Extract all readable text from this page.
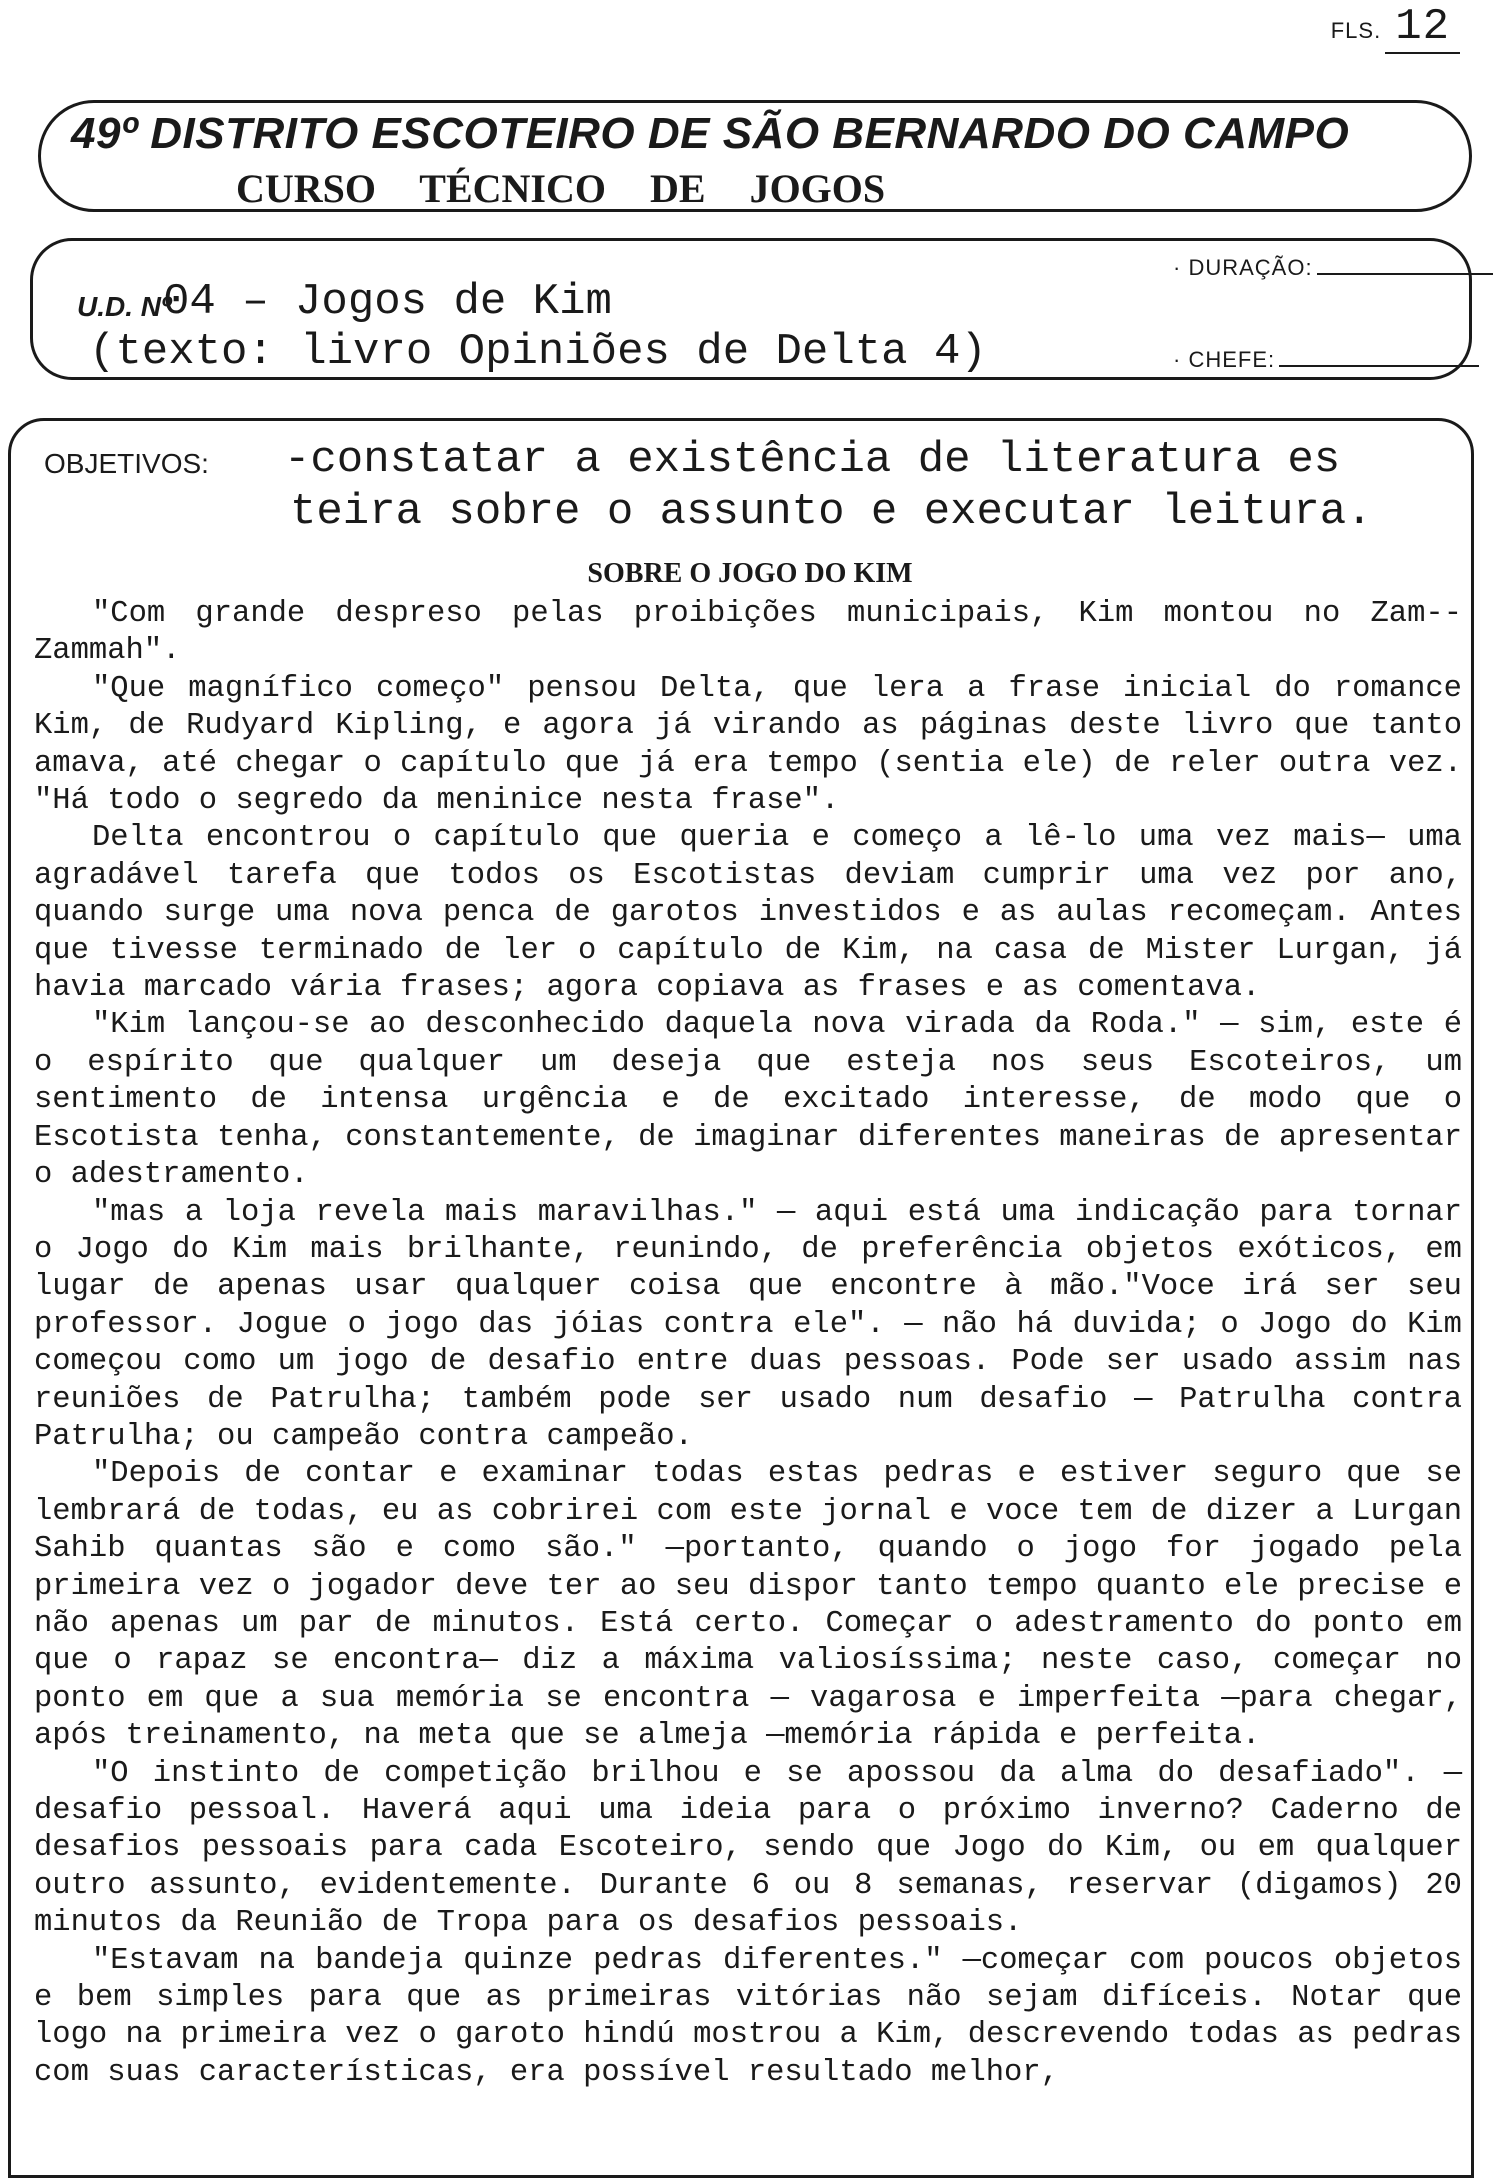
FLS. 12
49º DISTRITO ESCOTEIRO DE SÃO BERNARDO DO CAMPO
CURSO TÉCNICO DE JOGOS
U.D. Nº
04 – Jogos de Kim
(texto: livro Opiniões de Delta 4)
· DURAÇÃO:
· CHEFE:
OBJETIVOS: -constatar a existência de literatura es

teira sobre o assunto e executar leitura.

SOBRE O JOGO DO KIM

"Com grande despreso pelas proibições municipais, Kim montou no Zam--Zammah".

"Que magnífico começo" pensou Delta, que lera a frase inicial do romance Kim, de Rudyard Kipling, e agora já virando as páginas deste livro que tanto amava, até chegar o capítulo que já era tempo (sentia ele) de reler outra vez. "Há todo o segredo da meninice nesta frase".

Delta encontrou o capítulo que queria e começo a lê-lo uma vez mais— uma agradável tarefa que todos os Escotistas deviam cumprir uma vez por ano, quando surge uma nova penca de garotos investidos e as aulas recomeçam. Antes que tivesse terminado de ler o capítulo de Kim, na casa de Mister Lurgan, já havia marcado vária frases; agora copiava as frases e as comentava.

"Kim lançou-se ao desconhecido daquela nova virada da Roda." — sim, este é o espírito que qualquer um deseja que esteja nos seus Escoteiros, um sentimento de intensa urgência e de excitado interesse, de modo que o Escotista tenha, constantemente, de imaginar diferentes maneiras de apresentar o adestramento.

"mas a loja revela mais maravilhas." — aqui está uma indicação para tornar o Jogo do Kim mais brilhante, reunindo, de preferência objetos exóticos, em lugar de apenas usar qualquer coisa que encontre à mão."Voce irá ser seu professor. Jogue o jogo das jóias contra ele". — não há duvida; o Jogo do Kim começou como um jogo de desafio entre duas pessoas. Pode ser usado assim nas reuniões de Patrulha; também pode ser usado num desafio — Patrulha contra Patrulha; ou campeão contra campeão.

"Depois de contar e examinar todas estas pedras e estiver seguro que se lembrará de todas, eu as cobrirei com este jornal e voce tem de dizer a Lurgan Sahib quantas são e como são." —portanto, quando o jogo for jogado pela primeira vez o jogador deve ter ao seu dispor tanto tempo quanto ele precise e não apenas um par de minutos. Está certo. Começar o adestramento do ponto em que o rapaz se encontra— diz a máxima valiosíssima; neste caso, começar no ponto em que a sua memória se encontra — vagarosa e imperfeita —para chegar, após treinamento, na meta que se almeja —memória rápida e perfeita.

"O instinto de competição brilhou e se apossou da alma do desafiado". — desafio pessoal. Haverá aqui uma ideia para o próximo inverno? Caderno de desafios pessoais para cada Escoteiro, sendo que Jogo do Kim, ou em qualquer outro assunto, evidentemente. Durante 6 ou 8 semanas, reservar (digamos) 20 minutos da Reunião de Tropa para os desafios pessoais.

"Estavam na bandeja quinze pedras diferentes." —começar com poucos objetos e bem simples para que as primeiras vitórias não sejam difíceis. Notar que logo na primeira vez o garoto hindú mostrou a Kim, descrevendo todas as pedras com suas características, era possível resultado melhor,
